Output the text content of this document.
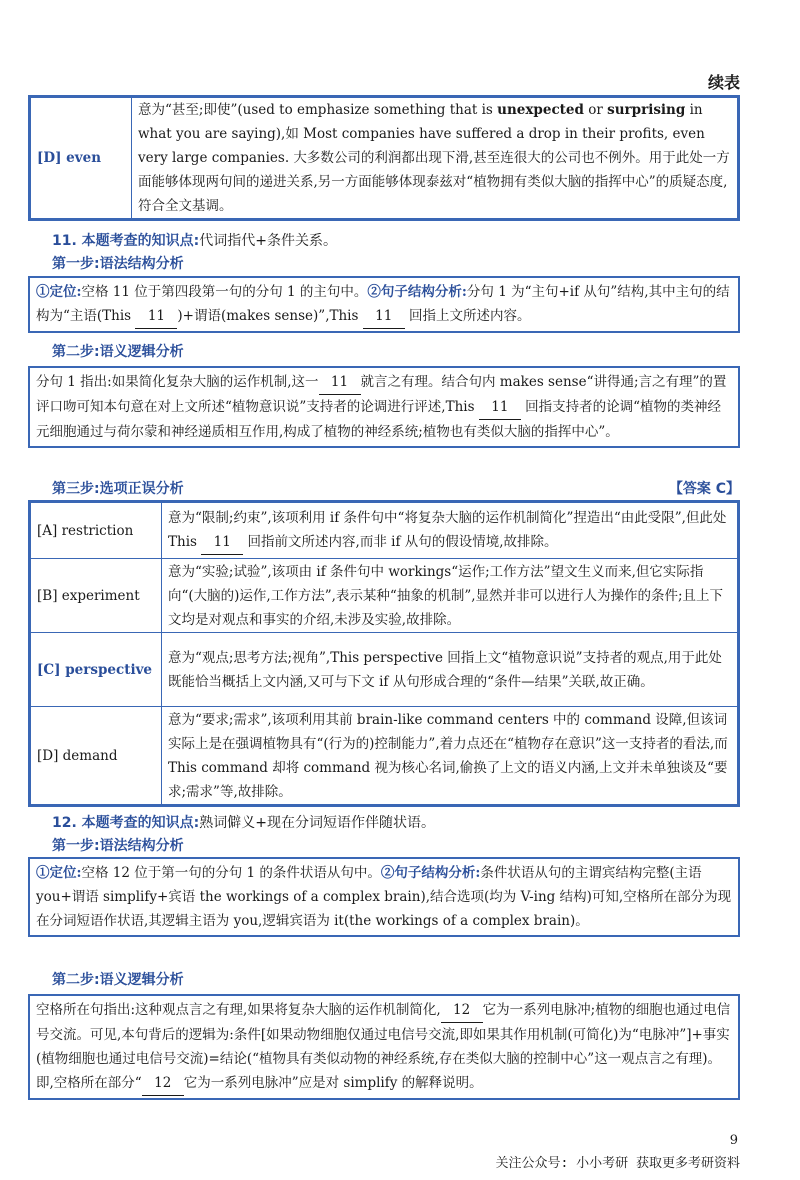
续表
[D] even	意为“甚至;即使”(used to emphasize something that is unexpected or surprising in what you are saying),如 Most companies have suffered a drop in their profits, even very large companies. 大多数公司的利润都出现下滑,甚至连很大的公司也不例外。用于此处一方面能够体现两句间的递进关系,另一方面能够体现泰兹对“植物拥有类似大脑的指挥中心”的质疑态度,符合全文基调。
11. 本题考查的知识点:代词指代+条件关系。
第一步:语法结构分析
①定位:空格 11 位于第四段第一句的分句 1 的主句中。②句子结构分析:分句 1 为“主句+if 从句”结构,其中主句的结构为“主语(This 11 )+谓语(makes sense)”,This 11 回指上文所述内容。
第二步:语义逻辑分析
分句 1 指出:如果简化复杂大脑的运作机制,这一 11 就言之有理。结合句内 makes sense“讲得通;言之有理”的置评口吻可知本句意在对上文所述“植物意识说”支持者的论调进行评述,This 11 回指支持者的论调“植物的类神经元细胞通过与荷尔蒙和神经递质相互作用,构成了植物的神经系统;植物也有类似大脑的指挥中心”。
第三步:选项正误分析	【答案 C】
[A] restriction	意为“限制;约束”,该项利用 if 条件句中“将复杂大脑的运作机制简化”捏造出“由此受限”,但此处 This 11 回指前文所述内容,而非 if 从句的假设情境,故排除。
[B] experiment	意为“实验;试验”,该项由 if 条件句中 workings“运作;工作方法”望文生义而来,但它实际指向“(大脑的)运作,工作方法”,表示某种“抽象的机制”,显然并非可以进行人为操作的条件;且上下文均是对观点和事实的介绍,未涉及实验,故排除。
[C] perspective	意为“观点;思考方法;视角”,This perspective 回指上文“植物意识说”支持者的观点,用于此处既能恰当概括上文内涵,又可与下文 if 从句形成合理的“条件—结果”关联,故正确。
[D] demand	意为“要求;需求”,该项利用其前 brain-like command centers 中的 command 设障,但该词实际上是在强调植物具有“(行为的)控制能力”,着力点还在“植物存在意识”这一支持者的看法,而 This command 却将 command 视为核心名词,偷换了上文的语义内涵,上文并未单独谈及“要求;需求”等,故排除。
12. 本题考查的知识点:熟词僻义+现在分词短语作伴随状语。
第一步:语法结构分析
①定位:空格 12 位于第一句的分句 1 的条件状语从句中。②句子结构分析:条件状语从句的主谓宾结构完整(主语 you+谓语 simplify+宾语 the workings of a complex brain),结合选项(均为 V-ing 结构)可知,空格所在部分为现在分词短语作状语,其逻辑主语为 you,逻辑宾语为 it(the workings of a complex brain)。
第二步:语义逻辑分析
空格所在句指出:这种观点言之有理,如果将复杂大脑的运作机制简化, 12 它为一系列电脉冲;植物的细胞也通过电信号交流。可见,本句背后的逻辑为:条件[如果动物细胞仅通过电信号交流,即如果其作用机制(可简化)为“电脉冲”]+事实(植物细胞也通过电信号交流)=结论(“植物具有类似动物的神经系统,存在类似大脑的控制中心”这一观点言之有理)。即,空格所在部分“ 12 它为一系列电脉冲”应是对 simplify 的解释说明。
9
关注公众号: 小小考研 获取更多考研资料
